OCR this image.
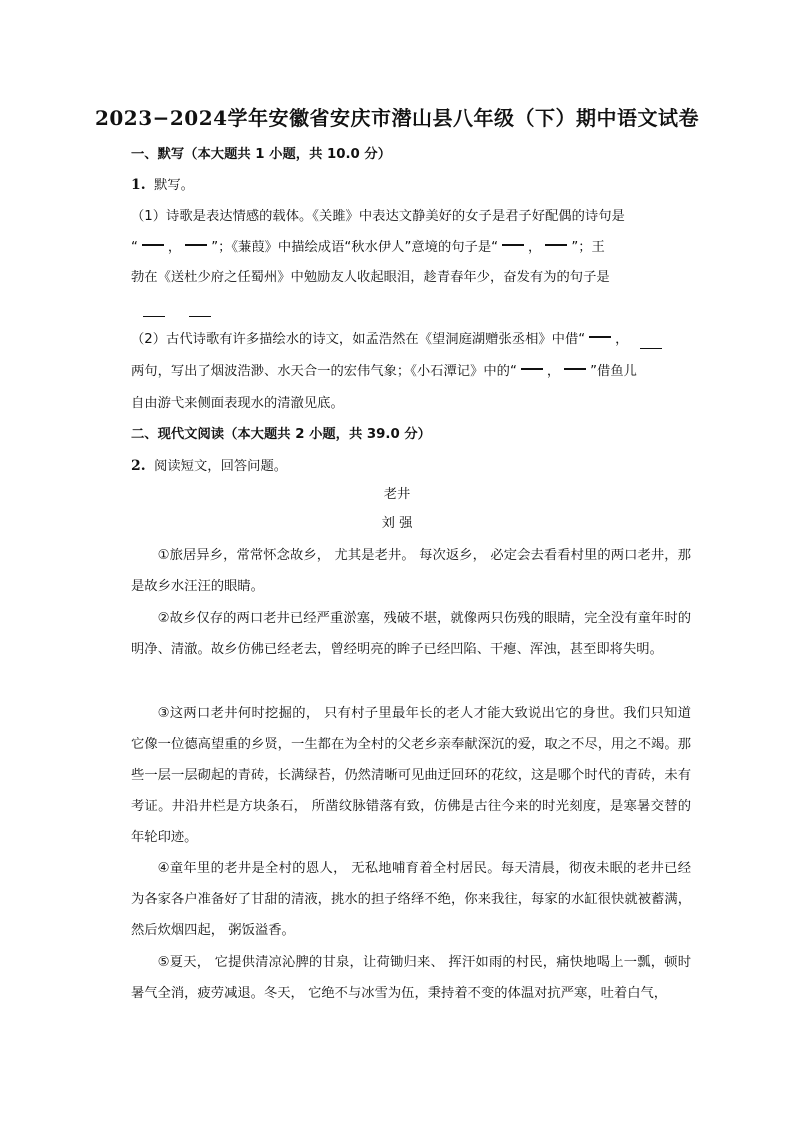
2023−2024学年安徽省安庆市潜山县八年级（下）期中语文试卷
一、默写（本大题共 1 小题，共 10.0 分）
1. 默写。
（1）诗歌是表达情感的载体。《关雎》中表达文静美好的女子是君子好配偶的诗句是
“ ， ”；《蒹葭》中描绘成语“秋水伊人”意境的句子是“ ， ”；王
勃在《送杜少府之任蜀州》中勉励友人收起眼泪，趁青春年少，奋发有为的句子是
（2）古代诗歌有许多描绘水的诗文，如孟浩然在《望洞庭湖赠张丞相》中借“ ，
两句，写出了烟波浩渺、水天合一的宏伟气象；《小石潭记》中的“ ， ”借鱼儿
自由游弋来侧面表现水的清澈见底。
二、现代文阅读（本大题共 2 小题，共 39.0 分）
2. 阅读短文，回答问题。
老井
刘 强
①旅居异乡，常常怀念故乡， 尤其是老井。 每次返乡， 必定会去看看村里的两口老井，那是故乡水汪汪的眼睛。
②故乡仅存的两口老井已经严重淤塞，残破不堪，就像两只伤残的眼睛，完全没有童年时的明净、清澈。故乡仿佛已经老去，曾经明亮的眸子已经凹陷、干瘪、浑浊，甚至即将失明。
③这两口老井何时挖掘的， 只有村子里最年长的老人才能大致说出它的身世。我们只知道它像一位德高望重的乡贤，一生都在为全村的父老乡亲奉献深沉的爱，取之不尽，用之不竭。那些一层一层砌起的青砖，长满绿苔，仍然清晰可见曲迂回环的花纹，这是哪个时代的青砖，未有考证。井沿井栏是方块条石， 所凿纹脉错落有致，仿佛是古往今来的时光刻度，是寒暑交替的年轮印迹。
④童年里的老井是全村的恩人， 无私地哺育着全村居民。每天清晨，彻夜未眠的老井已经为各家各户准备好了甘甜的清液，挑水的担子络绎不绝，你来我往，每家的水缸很快就被蓄满，然后炊烟四起， 粥饭溢香。
⑤夏天， 它提供清凉沁脾的甘泉，让荷锄归来、 挥汗如雨的村民，痛快地喝上一瓢，顿时暑气全消，疲劳减退。冬天， 它绝不与冰雪为伍，秉持着不变的体温对抗严寒，吐着白气，
